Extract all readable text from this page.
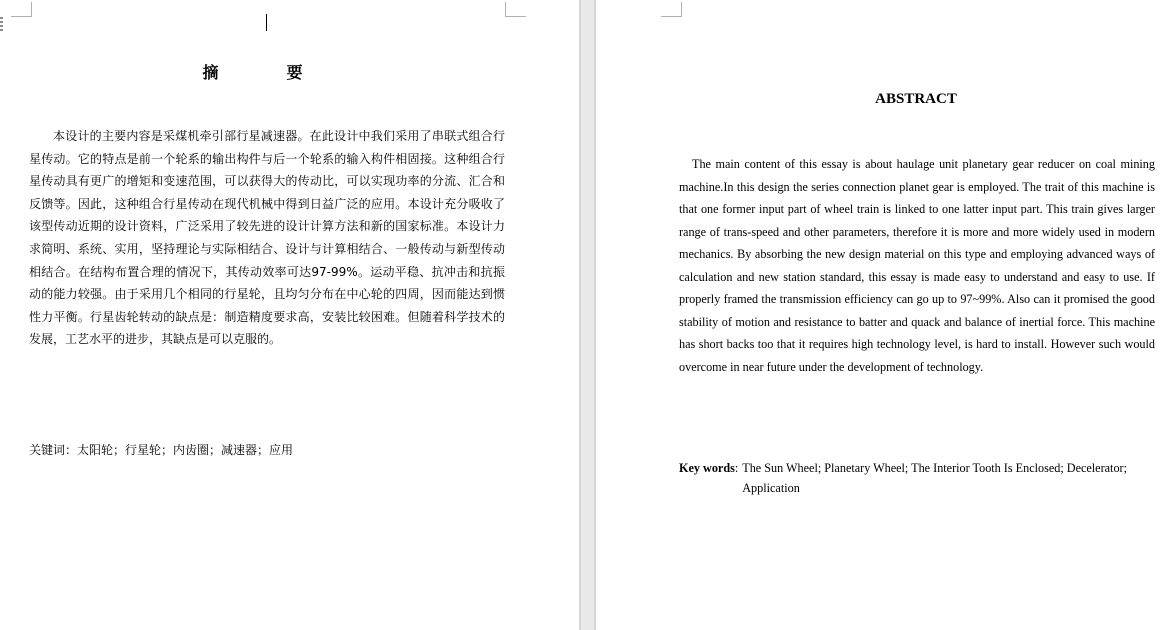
摘　要

本设计的主要内容是采煤机牵引部行星减速器。在此设计中我们采用了串联式组合行星传动。它的特点是前一个轮系的输出构件与后一个轮系的输入构件相固接。这种组合行星传动具有更广的增矩和变速范围，可以获得大的传动比，可以实现功率的分流、汇合和反馈等。因此，这种组合行星传动在现代机械中得到日益广泛的应用。本设计充分吸收了该型传动近期的设计资料，广泛采用了较先进的设计计算方法和新的国家标准。本设计力求简明、系统、实用，坚持理论与实际相结合、设计与计算相结合、一般传动与新型传动相结合。在结构布置合理的情况下，其传动效率可达97-99%。运动平稳、抗冲击和抗振动的能力较强。由于采用几个相同的行星轮，且均匀分布在中心轮的四周，因而能达到惯性力平衡。行星齿轮转动的缺点是：制造精度要求高，安装比较困难。但随着科学技术的发展，工艺水平的进步，其缺点是可以克服的。

关键词：太阳轮；行星轮；内齿圈；减速器；应用
ABSTRACT

The main content of this essay is about haulage unit planetary gear reducer on coal mining machine.In this design the series connection planet gear is employed. The trait of this machine is that one former input part of wheel train is linked to one latter input part. This train gives larger range of trans-speed and other parameters, therefore it is more and more widely used in modern mechanics. By absorbing the new design material on this type and employing advanced ways of calculation and new station standard, this essay is made easy to understand and easy to use. If properly framed the transmission efficiency can go up to 97~99%. Also can it promised the good stability of motion and resistance to batter and quack and balance of inertial force. This machine has short backs too that it requires high technology level, is hard to install. However such would overcome in near future under the development of technology.

Key words: The Sun Wheel; Planetary Wheel; The Interior Tooth Is Enclosed; Decelerator; Application
